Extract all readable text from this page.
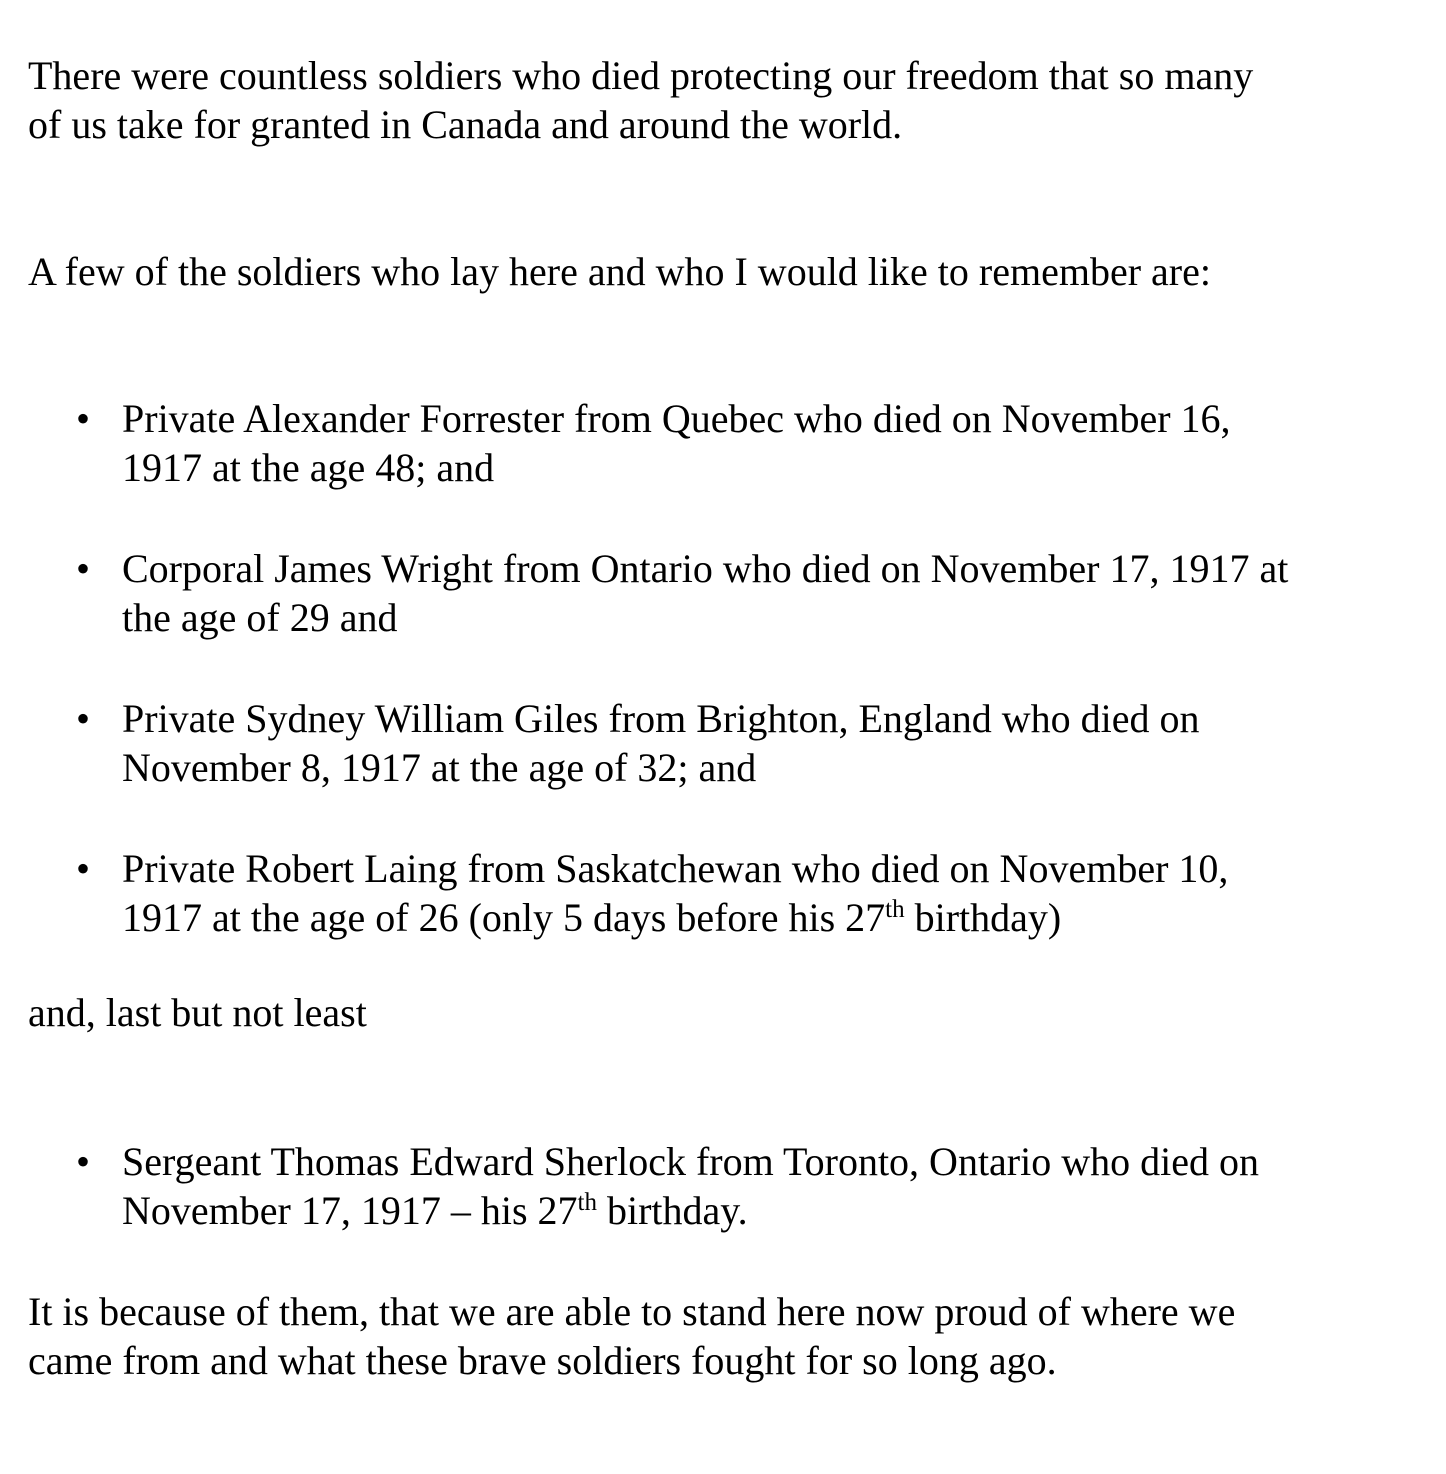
There were countless soldiers who died protecting our freedom that so many
of us take for granted in Canada and around the world.
A few of the soldiers who lay here and who I would like to remember are:
• Private Alexander Forrester from Quebec who died on November 16,
1917 at the age 48; and
• Corporal James Wright from Ontario who died on November 17, 1917 at
the age of 29 and
• Private Sydney William Giles from Brighton, England who died on
November 8, 1917 at the age of 32; and
• Private Robert Laing from Saskatchewan who died on November 10,
1917 at the age of 26 (only 5 days before his 27th birthday)
and, last but not least
• Sergeant Thomas Edward Sherlock from Toronto, Ontario who died on
November 17, 1917 – his 27th birthday.
It is because of them, that we are able to stand here now proud of where we
came from and what these brave soldiers fought for so long ago.
